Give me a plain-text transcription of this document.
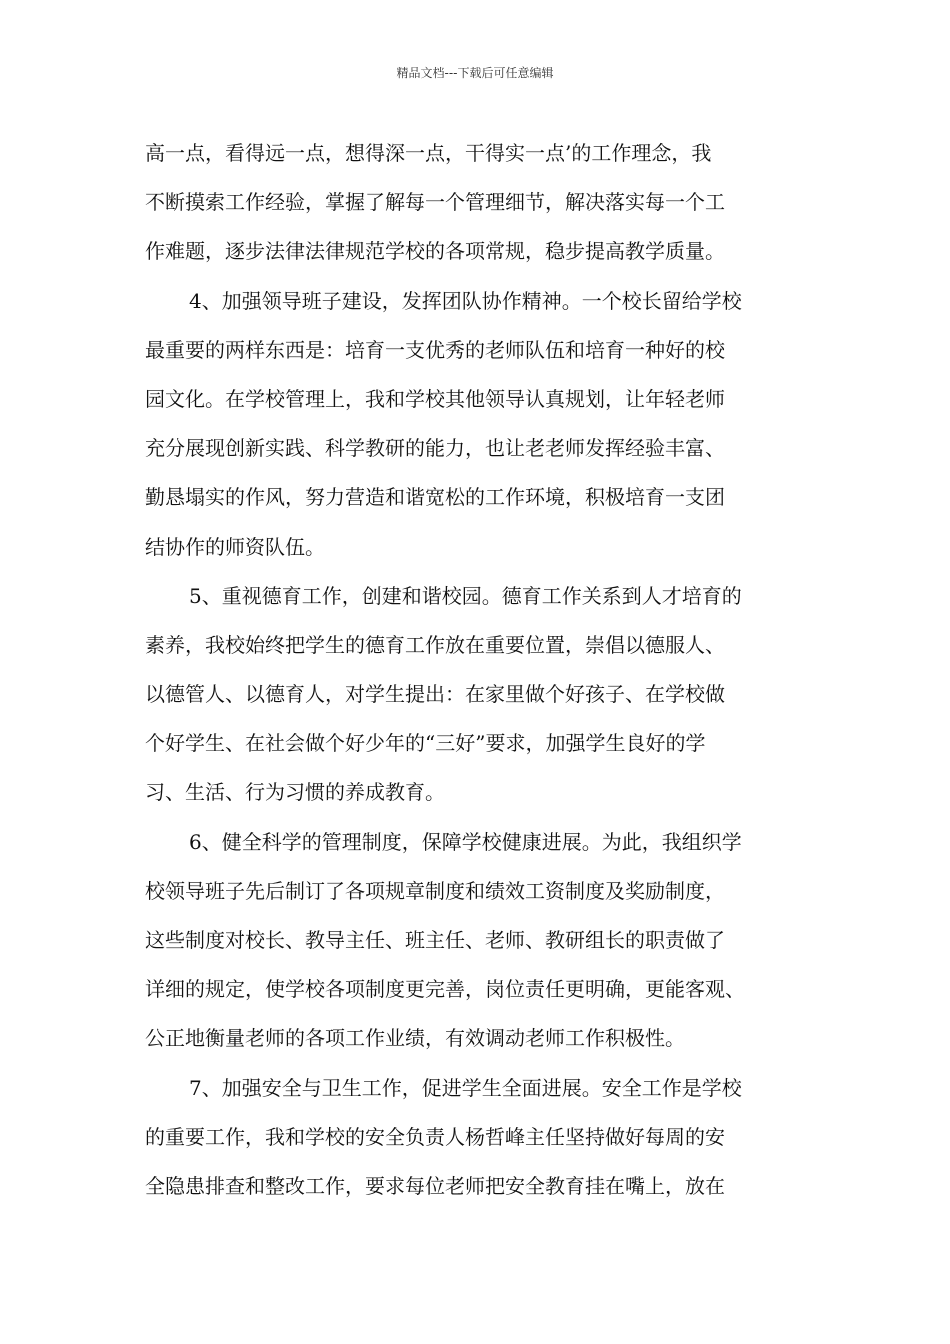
精品文档---下载后可任意编辑
高一点，看得远一点，想得深一点，干得实一点’的工作理念，我
不断摸索工作经验，掌握了解每一个管理细节，解决落实每一个工
作难题，逐步法律法律规范学校的各项常规，稳步提高教学质量。
4、加强领导班子建设，发挥团队协作精神。一个校长留给学校
最重要的两样东西是：培育一支优秀的老师队伍和培育一种好的校
园文化。在学校管理上，我和学校其他领导认真规划，让年轻老师
充分展现创新实践、科学教研的能力，也让老老师发挥经验丰富、
勤恳塌实的作风，努力营造和谐宽松的工作环境，积极培育一支团
结协作的师资队伍。
5、重视德育工作，创建和谐校园。德育工作关系到人才培育的
素养，我校始终把学生的德育工作放在重要位置，崇倡以德服人、
以德管人、以德育人，对学生提出：在家里做个好孩子、在学校做
个好学生、在社会做个好少年的“三好”要求，加强学生良好的学
习、生活、行为习惯的养成教育。
6、健全科学的管理制度，保障学校健康进展。为此，我组织学
校领导班子先后制订了各项规章制度和绩效工资制度及奖励制度，
这些制度对校长、教导主任、班主任、老师、教研组长的职责做了
详细的规定，使学校各项制度更完善，岗位责任更明确，更能客观、
公正地衡量老师的各项工作业绩，有效调动老师工作积极性。
7、加强安全与卫生工作，促进学生全面进展。安全工作是学校
的重要工作，我和学校的安全负责人杨哲峰主任坚持做好每周的安
全隐患排查和整改工作，要求每位老师把安全教育挂在嘴上，放在
